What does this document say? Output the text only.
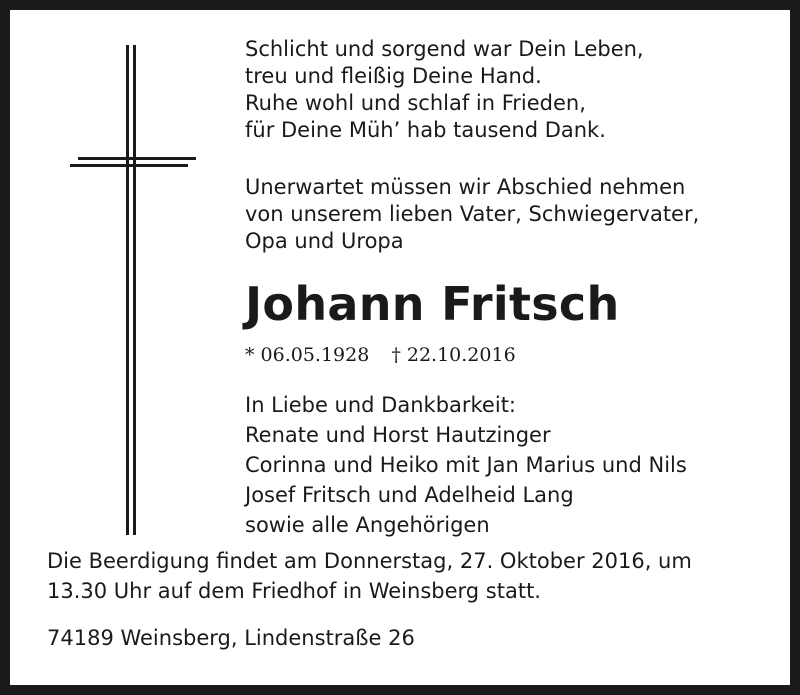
Schlicht und sorgend war Dein Leben,
treu und fleißig Deine Hand.
Ruhe wohl und schlaf in Frieden,
für Deine Müh’ hab tausend Dank.
Unerwartet müssen wir Abschied nehmen
von unserem lieben Vater, Schwiegervater,
Opa und Uropa
Johann Fritsch
* 06.05.1928 † 22.10.2016
In Liebe und Dankbarkeit:
Renate und Horst Hautzinger
Corinna und Heiko mit Jan Marius und Nils
Josef Fritsch und Adelheid Lang
sowie alle Angehörigen
Die Beerdigung findet am Donnerstag, 27. Oktober 2016, um
13.30 Uhr auf dem Friedhof in Weinsberg statt.
74189 Weinsberg, Lindenstraße 26
